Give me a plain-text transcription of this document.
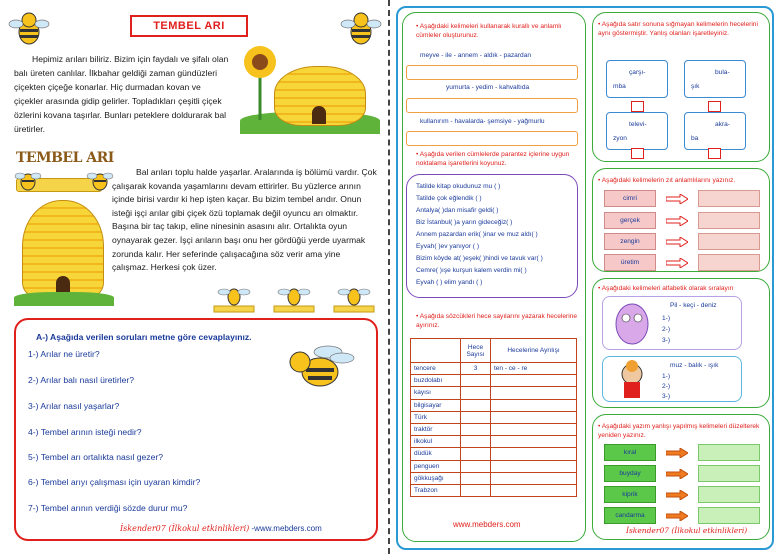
TEMBEL ARI

Hepimiz arıları biliriz. Bizim için faydalı ve şifalı olan balı üreten canlılar. İlkbahar geldiği zaman gündüzleri çiçekten çiçeğe konarlar. Hiç durmadan kovan ve çiçekler arasında gidip gelirler. Topladıkları çeşitli çiçek özlerini kovana taşırlar. Bunları peteklere doldurarak bal üretirler.

TEMBEL ARI

Bal arıları toplu halde yaşarlar. Aralarında iş bölümü vardır. Çok çalışarak kovanda yaşamlarını devam ettirirler. Bu yüzlerce arının içinde birisi vardır ki hep işten kaçar. Bu bizim tembel arıdır. Onun isteği işçi arılar gibi çiçek özü toplamak değil oyuncu arı olmaktır. Başına bir taç takıp, eline ninesinin asasını alır. Ortalıkta oyun oynayarak gezer. İşçi arıların başı onu her gördüğü yerde uyarmak zorunda kalır. Her seferinde çalışacağına söz verir ama yine çalışmaz. Herkesi çok üzer.

A-) Aşağıda verilen soruları metne göre cevaplayınız.
1-) Arılar ne üretir?
2-) Arılar balı nasıl üretirler?
3-) Arılar nasıl yaşarlar?
4-) Tembel arının isteği nedir?
5-) Tembel arı ortalıkta nasıl gezer?
6-) Tembel arıyı çalışması için uyaran kimdir?
7-) Tembel arının verdiği sözde durur mu?
İskender07 (İlkokul etkinlikleri) -www.mebders.com
• Aşağıdaki kelimeleri kullanarak kurallı ve anlamlı cümleler oluşturunuz.
meyve - ile - annem - aldık - pazardan
yumurta - yedim - kahvaltıda
kullanırım - havalarda- şemsiye - yağmurlu
• Aşağıda verilen cümlelerde parantez içlerine uygun noktalama işaretlerini koyunuz.
Tatilde kitap okudunuz mu ( )
Tatilde çok eğlendik ( )
Antalya( )dan misafir geldi( )
Biz İstanbul( )a yarın gideceğiz( )
Annem pazardan erik( )inar ve muz aldı( )
Eyvah( )ev yanıyor ( )
Bizim köyde at( )eşek( )hindi ve tavuk var( )
Cemre( )ışe kurşun kalem verdin mi( )
Eyvah ( ) elim yandı ( )
• Aşağıda sözcükleri hece sayılarını yazarak hecelerine ayırınız.
	Hece Sayısı	Hecelerine Ayrılışı
tencere	3	ten - ce - re
buzdolabı		
kayısı		
bilgisayar		
Türk		
traktör		
ilkokul		
düdük		
penguen		
gökkuşağı		
Trabzon		
www.mebders.com
• Aşağıda satır sonuna sığmayan kelimelerin hecelerini aynı göstermiştir. Yanlış olanları işaretleyiniz.
çarşı-
mba
bula-
şık
televi-
zyon
akra-
ba
• Aşağıdaki kelimelerin zıt anlamlılarını yazınız.
cimri
gerçek
zengin
üretim
• Aşağıdaki kelimeleri alfabetik olarak sıralayın
Pil - keçi - deniz
1-)
2-)
3-)
muz - balık - ışık
1-)
2-)
3-)
• Aşağıdaki yazım yanlışı yapılmış kelimeleri düzelterek yeniden yazınız.
kıral
buyday
kiprik
candarma
İskender07 (İlkokul etkinlikleri)
